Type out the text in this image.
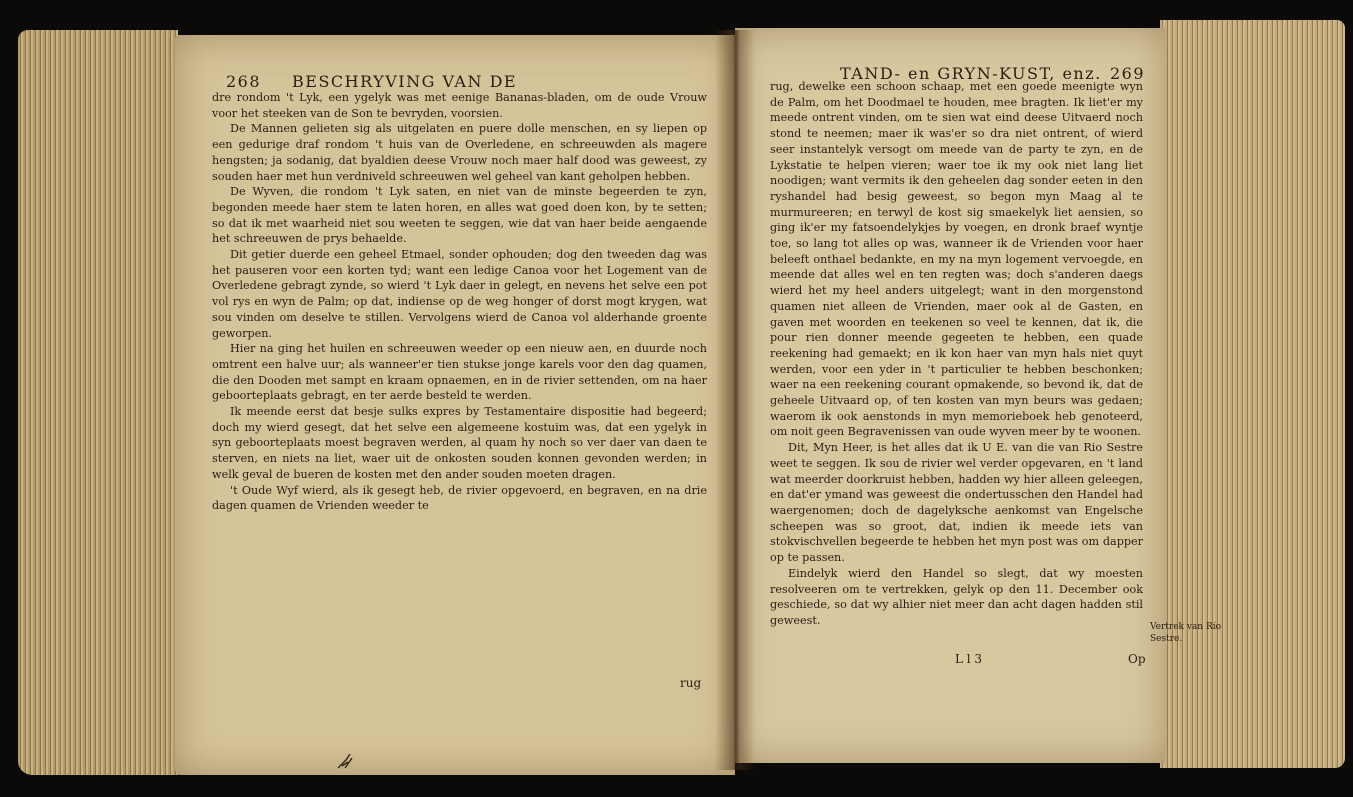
268 BESCHRYVING VAN DE

dre rondom 't Lyk, een ygelyk was met eenige Bananas-bladen, om de oude Vrouw voor het steeken van de Son te bevryden, voorsien.

De Mannen gelieten sig als uitgelaten en puere dolle menschen, en sy liepen op een gedurige draf rondom 't huis van de Overledene, en schreeuwden als magere hengsten; ja sodanig, dat byaldien deese Vrouw noch maer half dood was geweest, zy souden haer met hun verdniveld schreeuwen wel geheel van kant geholpen hebben.

De Wyven, die rondom 't Lyk saten, en niet van de minste begeerden te zyn, begonden meede haer stem te laten horen, en alles wat goed doen kon, by te setten; so dat ik met waarheid niet sou weeten te seggen, wie dat van haer beide aengaende het schreeuwen de prys behaelde.

Dit getier duerde een geheel Etmael, sonder ophouden; dog den tweeden dag was het pauseren voor een korten tyd; want een ledige Canoa voor het Logement van de Overledene gebragt zynde, so wierd 't Lyk daer in gelegt, en nevens het selve een pot vol rys en wyn de Palm; op dat, indiense op de weg honger of dorst mogt krygen, wat sou vinden om deselve te stillen. Vervolgens wierd de Canoa vol alderhande groente geworpen.

Hier na ging het huilen en schreeuwen weeder op een nieuw aen, en duurde noch omtrent een halve uur; als wanneer'er tien stukse jonge karels voor den dag quamen, die den Dooden met sampt en kraam opnaemen, en in de rivier settenden, om na haer geboorteplaats gebragt, en ter aerde besteld te werden.

Ik meende eerst dat besje sulks expres by Testamentaire dispositie had begeerd; doch my wierd gesegt, dat het selve een algemeene kostuim was, dat een ygelyk in syn geboorteplaats moest begraven werden, al quam hy noch so ver daer van daen te sterven, en niets na liet, waer uit de onkosten souden konnen gevonden werden; in welk geval de bueren de kosten met den ander souden moeten dragen.

't Oude Wyf wierd, als ik gesegt heb, de rivier opgevoerd, en begraven, en na drie dagen quamen de Vrienden weeder te

rug
TAND- en GRYN-KUST, enz. 269

rug, dewelke een schoon schaap, met een goede meenigte wyn de Palm, om het Doodmael te houden, mee bragten. Ik liet'er my meede ontrent vinden, om te sien wat eind deese Uitvaerd noch stond te neemen; maer ik was'er so dra niet ontrent, of wierd seer instantelyk versogt om meede van de party te zyn, en de Lykstatie te helpen vieren; waer toe ik my ook niet lang liet noodigen; want vermits ik den geheelen dag sonder eeten in den ryshandel had besig geweest, so begon myn Maag al te murmureeren; en terwyl de kost sig smaekelyk liet aensien, so ging ik'er my fatsoendelykjes by voegen, en dronk braef wyntje toe, so lang tot alles op was, wanneer ik de Vrienden voor haer beleeft onthael bedankte, en my na myn logement vervoegde, en meende dat alles wel en ten regten was; doch s'anderen daegs wierd het my heel anders uitgelegt; want in den morgenstond quamen niet alleen de Vrienden, maer ook al de Gasten, en gaven met woorden en teekenen so veel te kennen, dat ik, die pour rien donner meende gegeeten te hebben, een quade reekening had gemaekt; en ik kon haer van myn hals niet quyt werden, voor een yder in 't particulier te hebben beschonken; waer na een reekening courant opmakende, so bevond ik, dat de geheele Uitvaard op, of ten kosten van myn beurs was gedaen; waerom ik ook aenstonds in myn memorieboek heb genoteerd, om noit geen Begravenissen van oude wyven meer by te woonen.

Dit, Myn Heer, is het alles dat ik U E. van die van Rio Sestre weet te seggen. Ik sou de rivier wel verder opgevaren, en 't land wat meerder doorkruist hebben, hadden wy hier alleen geleegen, en dat'er ymand was geweest die ondertusschen den Handel had waergenomen; doch de dagelyksche aenkomst van Engelsche scheepen was so groot, dat, indien ik meede iets van stokvischvellen begeerde te hebben het myn post was om dapper op te passen.

Eindelyk wierd den Handel so slegt, dat wy moesten resolveeren om te vertrekken, gelyk op den 11. December ook geschiede, so dat wy alhier niet meer dan acht dagen hadden stil geweest.

Vertrek van Rio Sestre.
L l 3	Op
